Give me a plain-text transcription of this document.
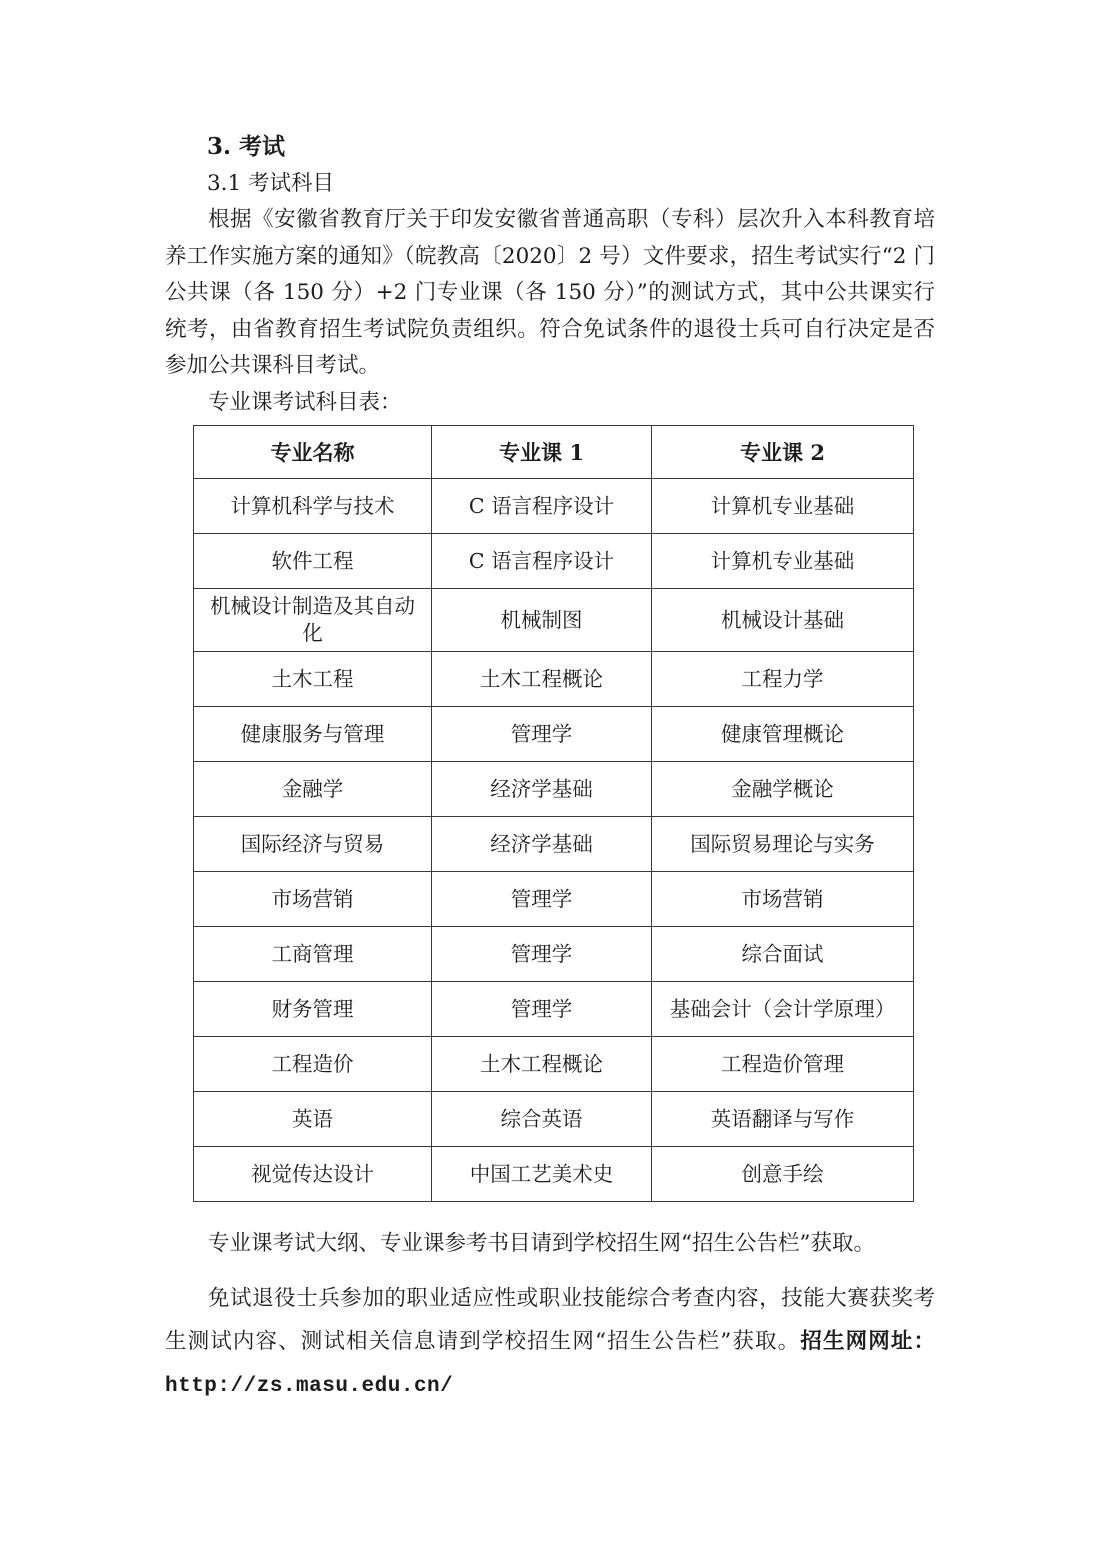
3. 考试

3.1 考试科目

根据《安徽省教育厅关于印发安徽省普通高职（专科）层次升入本科教育培养工作实施方案的通知》（皖教高〔2020〕2 号）文件要求，招生考试实行“2 门公共课（各 150 分）+2 门专业课（各 150 分）”的测试方式，其中公共课实行统考，由省教育招生考试院负责组织。符合免试条件的退役士兵可自行决定是否参加公共课科目考试。

专业课考试科目表：

专业名称	专业课 1	专业课 2
计算机科学与技术	C 语言程序设计	计算机专业基础
软件工程	C 语言程序设计	计算机专业基础
机械设计制造及其自动化	机械制图	机械设计基础
土木工程	土木工程概论	工程力学
健康服务与管理	管理学	健康管理概论
金融学	经济学基础	金融学概论
国际经济与贸易	经济学基础	国际贸易理论与实务
市场营销	管理学	市场营销
工商管理	管理学	综合面试
财务管理	管理学	基础会计（会计学原理）
工程造价	土木工程概论	工程造价管理
英语	综合英语	英语翻译与写作
视觉传达设计	中国工艺美术史	创意手绘

专业课考试大纲、专业课参考书目请到学校招生网“招生公告栏”获取。

免试退役士兵参加的职业适应性或职业技能综合考查内容，技能大赛获奖考生测试内容、测试相关信息请到学校招生网“招生公告栏”获取。招生网网址：http://zs.masu.edu.cn/
